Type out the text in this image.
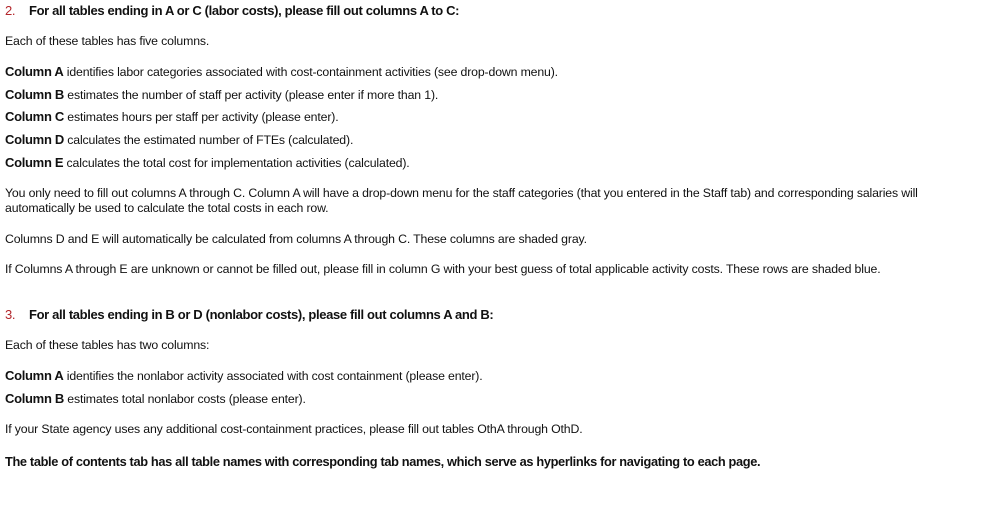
2. For all tables ending in A or C (labor costs), please fill out columns A to C:
Each of these tables has five columns.
Column A identifies labor categories associated with cost-containment activities (see drop-down menu).
Column B estimates the number of staff per activity (please enter if more than 1).
Column C estimates hours per staff per activity (please enter).
Column D calculates the estimated number of FTEs (calculated).
Column E calculates the total cost for implementation activities (calculated).
You only need to fill out columns A through C. Column A will have a drop-down menu for the staff categories (that you entered in the Staff tab) and corresponding salaries will automatically be used to calculate the total costs in each row.
Columns D and E will automatically be calculated from columns A through C. These columns are shaded gray.
If Columns A through E are unknown or cannot be filled out, please fill in column G with your best guess of total applicable activity costs. These rows are shaded blue.
3. For all tables ending in B or D (nonlabor costs), please fill out columns A and B:
Each of these tables has two columns:
Column A identifies the nonlabor activity associated with cost containment (please enter).
Column B estimates total nonlabor costs (please enter).
If your State agency uses any additional cost-containment practices, please fill out tables OthA through OthD.
The table of contents tab has all table names with corresponding tab names, which serve as hyperlinks for navigating to each page.
